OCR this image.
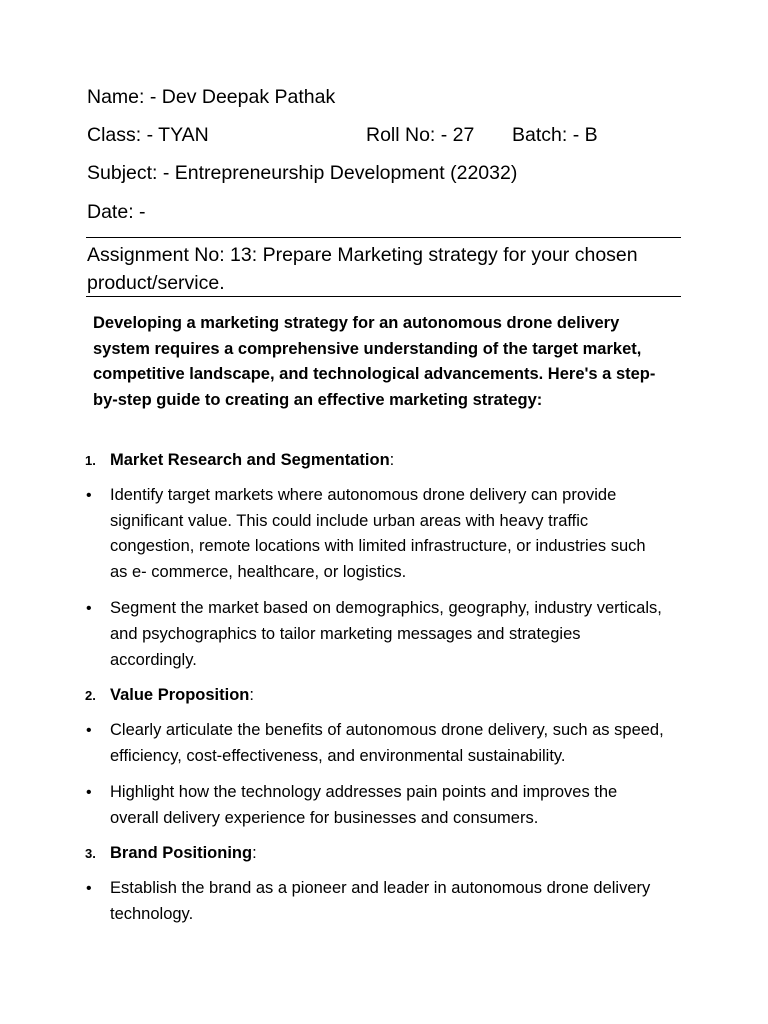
Name: - Dev Deepak Pathak
Class: - TYAN	Roll No: - 27 Batch: - B
Subject: - Entrepreneurship Development (22032)
Date: -
Assignment No: 13: Prepare Marketing strategy for your chosen product/service.
Developing a marketing strategy for an autonomous drone delivery system requires a comprehensive understanding of the target market, competitive landscape, and technological advancements. Here's a step-by-step guide to creating an effective marketing strategy:
1. Market Research and Segmentation:
•	Identify target markets where autonomous drone delivery can provide significant value. This could include urban areas with heavy traffic congestion, remote locations with limited infrastructure, or industries such as e- commerce, healthcare, or logistics.
•	Segment the market based on demographics, geography, industry verticals, and psychographics to tailor marketing messages and strategies accordingly.
2. Value Proposition:
•	Clearly articulate the benefits of autonomous drone delivery, such as speed, efficiency, cost-effectiveness, and environmental sustainability.
•	Highlight how the technology addresses pain points and improves the overall delivery experience for businesses and consumers.
3. Brand Positioning:
•	Establish the brand as a pioneer and leader in autonomous drone delivery technology.
